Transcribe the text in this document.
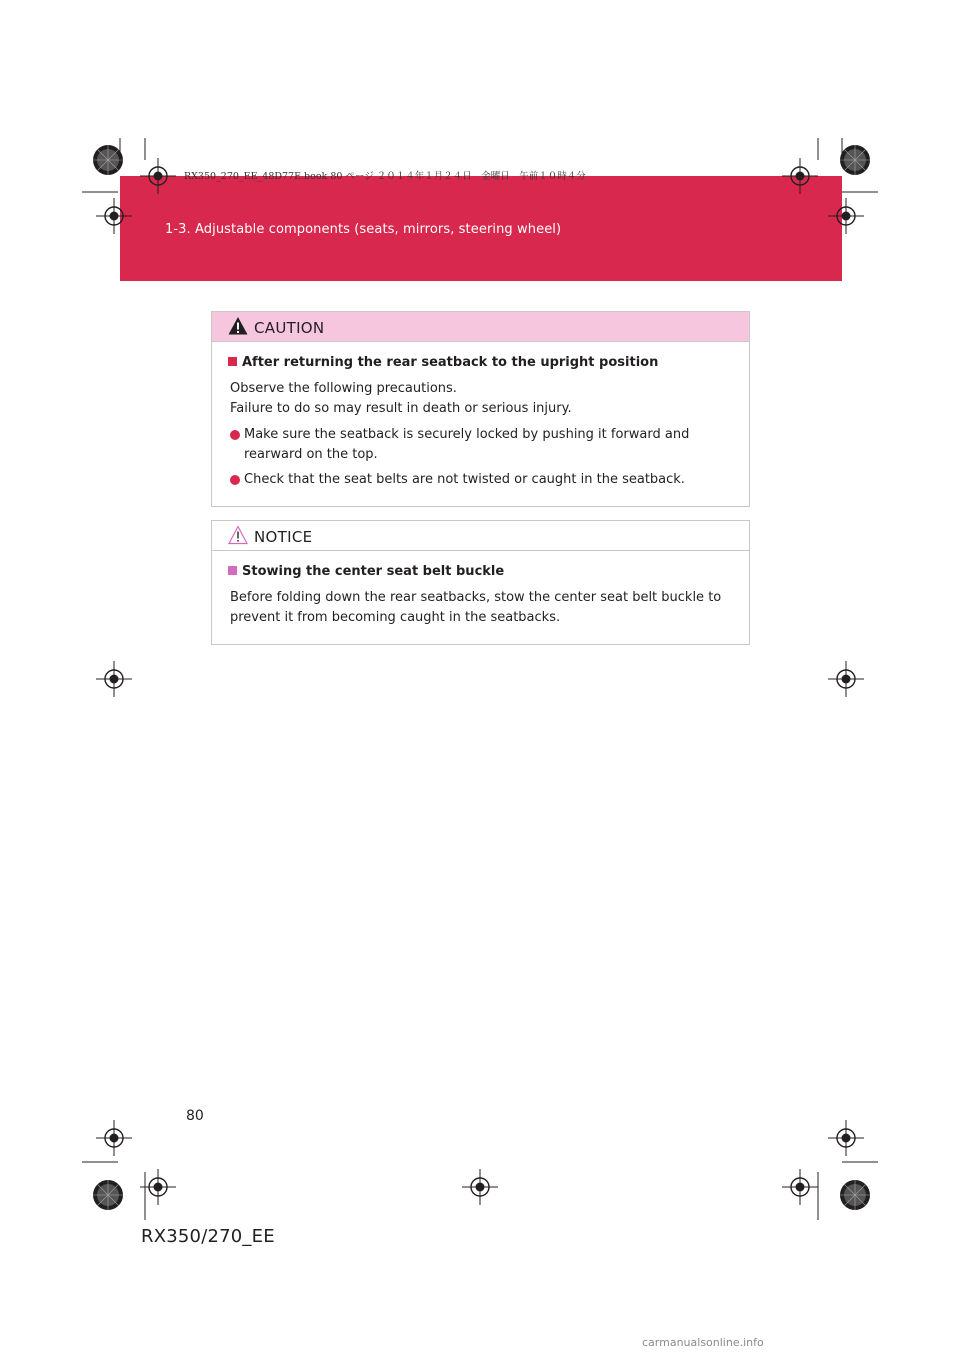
RX350_270_EE_48D77E.book 80 ページ ２０１４年１月２４日　金曜日　午前１０時４分
1-3. Adjustable components (seats, mirrors, steering wheel)
CAUTION
After returning the rear seatback to the upright position
Observe the following precautions.
Failure to do so may result in death or serious injury.
Make sure the seatback is securely locked by pushing it forward and rearward on the top.
Check that the seat belts are not twisted or caught in the seatback.
NOTICE
Stowing the center seat belt buckle
Before folding down the rear seatbacks, stow the center seat belt buckle to prevent it from becoming caught in the seatbacks.
80
RX350/270_EE
carmanualsonline.info
